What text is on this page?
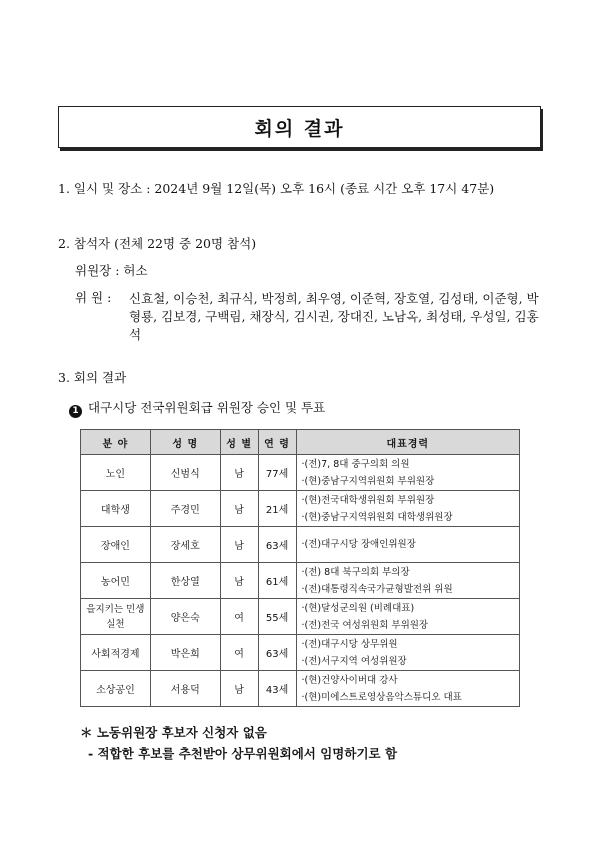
회의 결과
1. 일시 및 장소 : 2024년 9월 12일(목) 오후 16시 (종료 시간 오후 17시 47분)
2. 참석자 (전체 22명 중 20명 참석)
위원장 : 허소
위 원 : 신효철, 이승천, 최규식, 박정희, 최우영, 이준혁, 장호열, 김성태, 이준형, 박형룡, 김보경, 구백림, 채장식, 김시권, 장대진, 노남옥, 최성태, 우성일, 김홍석
3. 회의 결과
1 대구시당 전국위원회급 위원장 승인 및 투표
분 야	성 명	성 별	연 령	대표경력
노인	신범식	남	77세	·(전)7, 8대 중구의회 의원
·(현)중남구지역위원회 부위원장

대학생	주경민	남	21세	·(현)전국대학생위원회 부위원장
·(현)중남구지역위원회 대학생위원장

장애인	장세호	남	63세	·(전)대구시당 장애인위원장

농어민	한상열	남	61세	·(전) 8대 북구의회 부의장
·(전)대통령직속국가균형발전위 위원

을지키는 민생실천	양은숙	여	55세	·(현)달성군의원 (비례대표)
·(전)전국 여성위원회 부위원장

사회적경제	박은희	여	63세	·(전)대구시당 상무위원
·(전)서구지역 여성위원장

소상공인	서용덕	남	43세	·(현)건양사이버대 강사
·(현)미에스트로영상음악스튜디오 대표
＊ 노동위원장 후보자 신청자 없음
- 적합한 후보를 추천받아 상무위원회에서 임명하기로 함
